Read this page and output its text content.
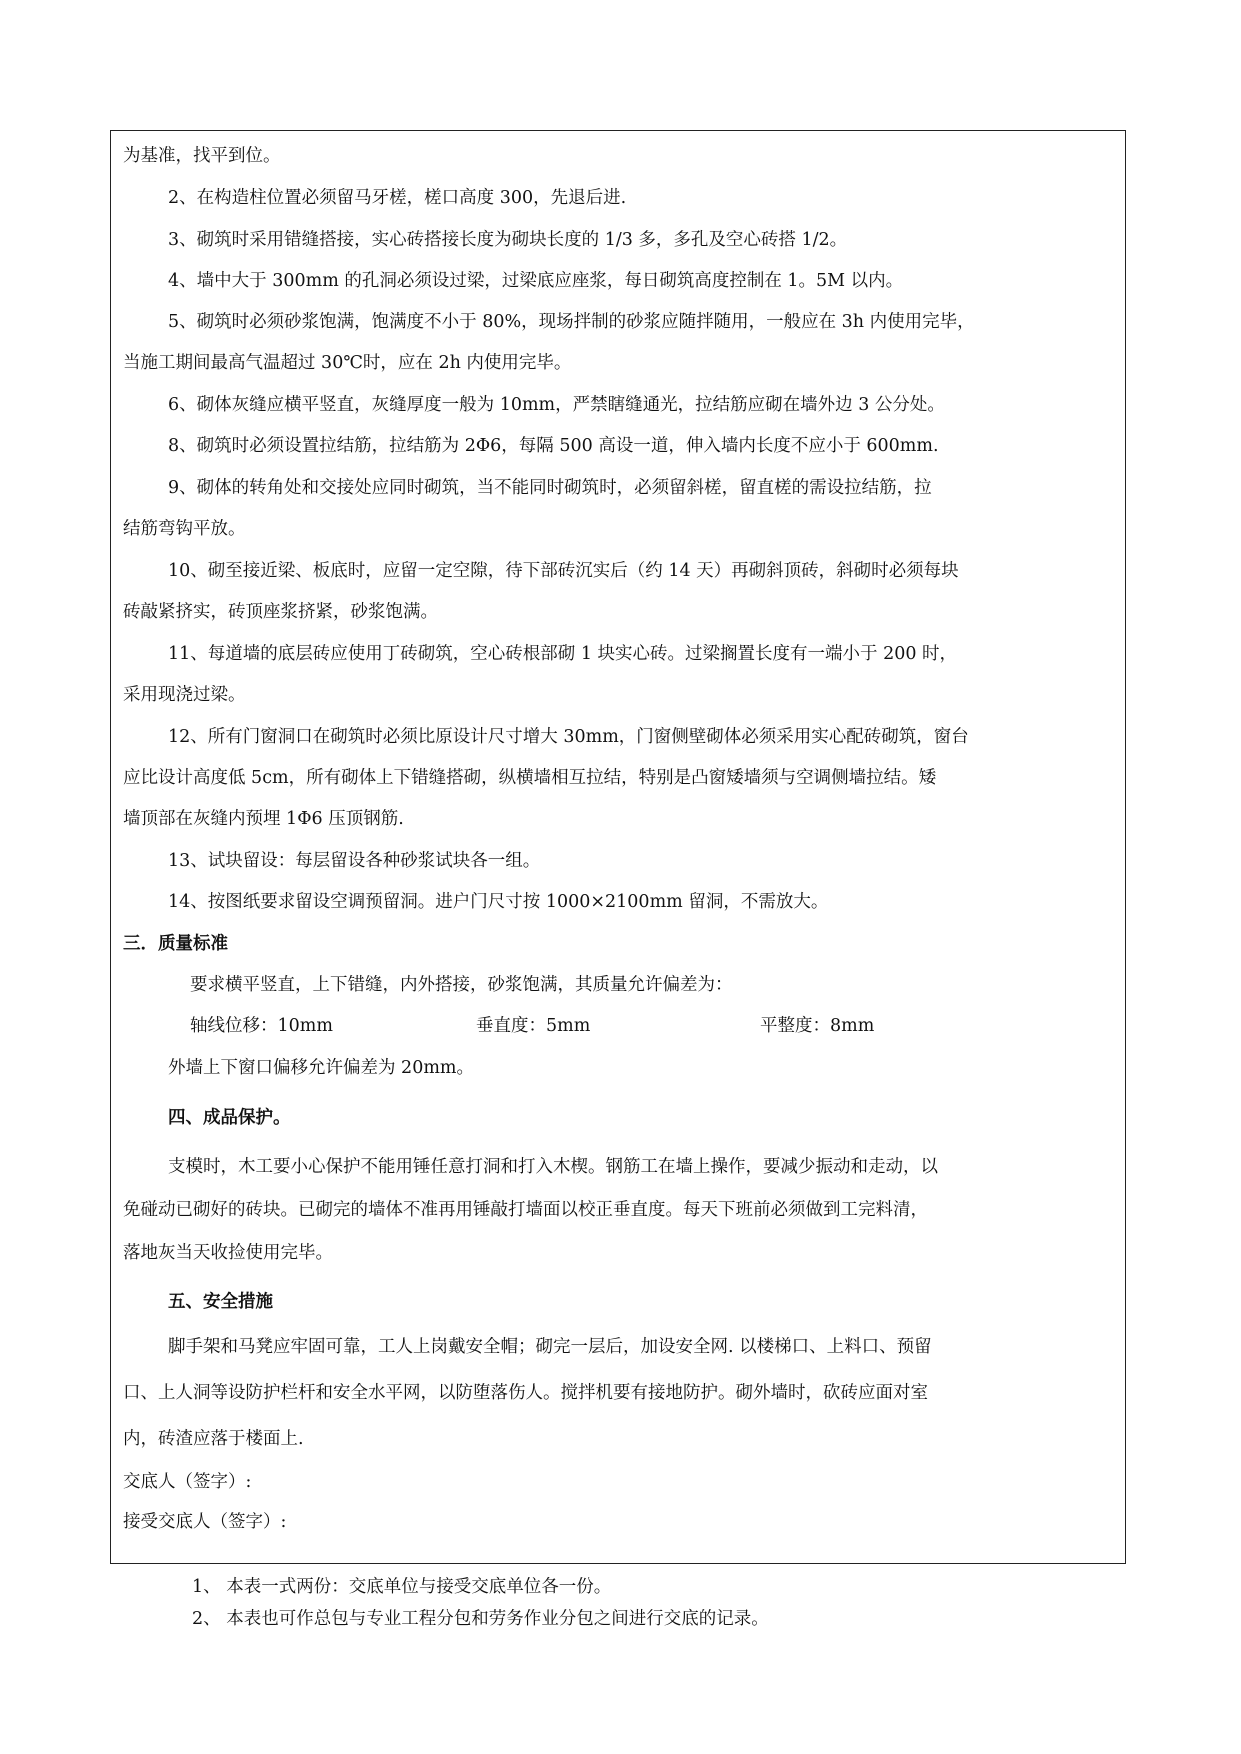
为基准，找平到位。
2、在构造柱位置必须留马牙槎，槎口高度 300，先退后进.
3、砌筑时采用错缝搭接，实心砖搭接长度为砌块长度的 1/3 多，多孔及空心砖搭 1/2。
4、墙中大于 300mm 的孔洞必须设过梁，过梁底应座浆，每日砌筑高度控制在 1。5M 以内。
5、砌筑时必须砂浆饱满，饱满度不小于 80%，现场拌制的砂浆应随拌随用，一般应在 3h 内使用完毕，
当施工期间最高气温超过 30℃时，应在 2h 内使用完毕。
6、砌体灰缝应横平竖直，灰缝厚度一般为 10mm，严禁瞎缝通光，拉结筋应砌在墙外边 3 公分处。
8、砌筑时必须设置拉结筋，拉结筋为 2Φ6，每隔 500 高设一道，伸入墙内长度不应小于 600mm.
9、砌体的转角处和交接处应同时砌筑，当不能同时砌筑时，必须留斜槎，留直槎的需设拉结筋，拉
结筋弯钩平放。
10、砌至接近梁、板底时，应留一定空隙，待下部砖沉实后（约 14 天）再砌斜顶砖，斜砌时必须每块
砖敲紧挤实，砖顶座浆挤紧，砂浆饱满。
11、每道墙的底层砖应使用丁砖砌筑，空心砖根部砌 1 块实心砖。过梁搁置长度有一端小于 200 时，
采用现浇过梁。
12、所有门窗洞口在砌筑时必须比原设计尺寸增大 30mm，门窗侧壁砌体必须采用实心配砖砌筑，窗台
应比设计高度低 5cm，所有砌体上下错缝搭砌，纵横墙相互拉结，特别是凸窗矮墙须与空调侧墙拉结。矮
墙顶部在灰缝内预埋 1Φ6 压顶钢筋.
13、试块留设：每层留设各种砂浆试块各一组。
14、按图纸要求留设空调预留洞。进户门尺寸按 1000×2100mm 留洞，不需放大。
三．质量标准
要求横平竖直，上下错缝，内外搭接，砂浆饱满，其质量允许偏差为：
轴线位移：10mm	垂直度：5mm	平整度：8mm
外墙上下窗口偏移允许偏差为 20mm。
四、成品保护。
支模时，木工要小心保护不能用锤任意打洞和打入木楔。钢筋工在墙上操作，要减少振动和走动，以
免碰动已砌好的砖块。已砌完的墙体不准再用锤敲打墙面以校正垂直度。每天下班前必须做到工完料清，
落地灰当天收捡使用完毕。
五、安全措施
脚手架和马凳应牢固可靠，工人上岗戴安全帽；砌完一层后，加设安全网. 以楼梯口、上料口、预留
口、上人洞等设防护栏杆和安全水平网，以防堕落伤人。搅拌机要有接地防护。砌外墙时，砍砖应面对室
内，砖渣应落于楼面上.
交底人（签字）:
接受交底人（签字）:
1、 本表一式两份：交底单位与接受交底单位各一份。
2、 本表也可作总包与专业工程分包和劳务作业分包之间进行交底的记录。
